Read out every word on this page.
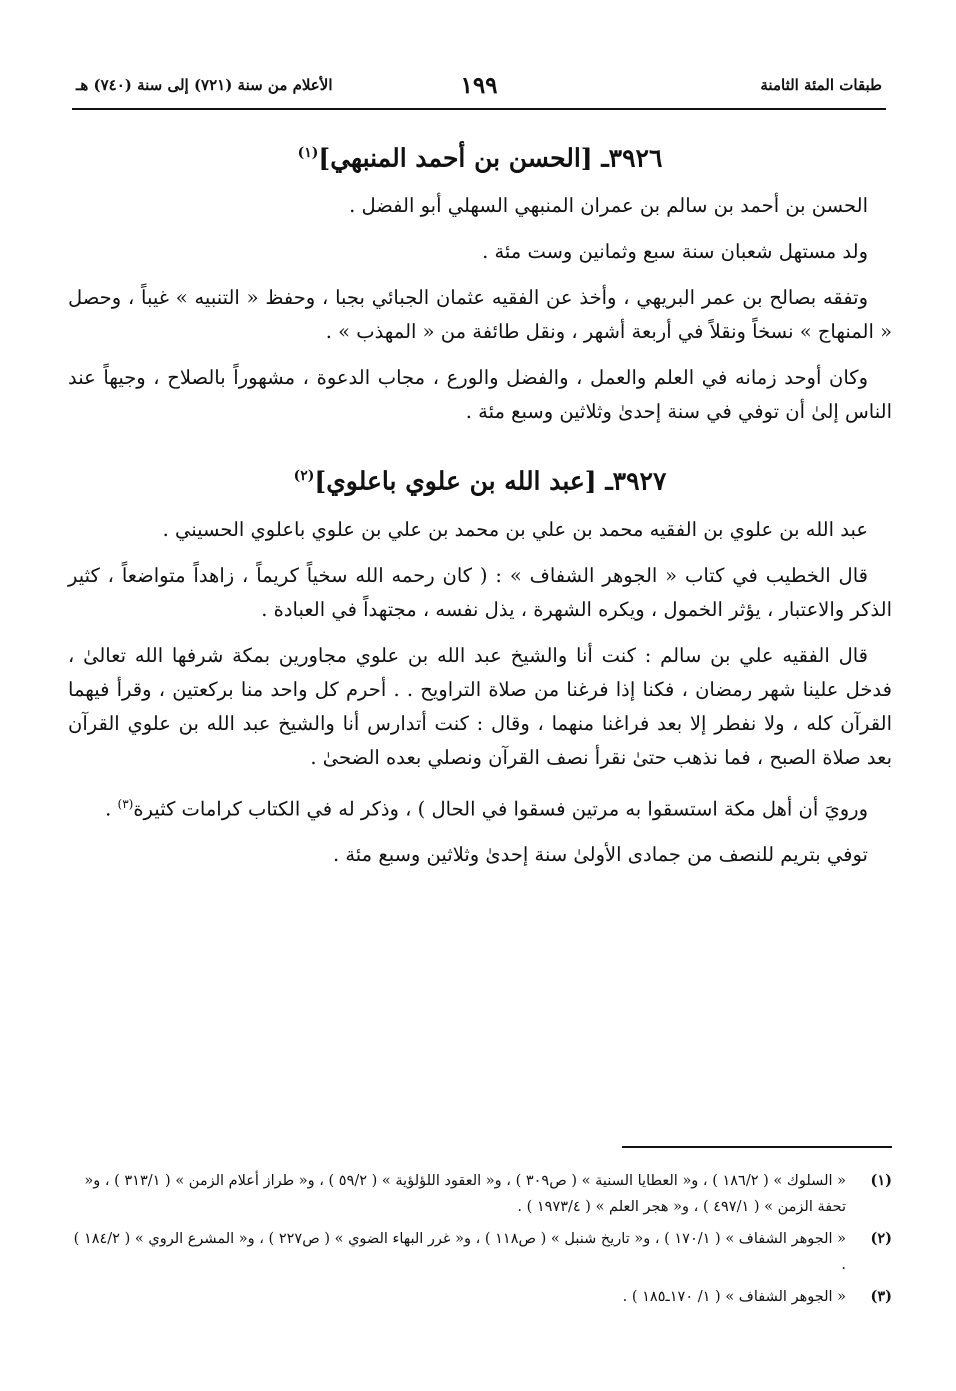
طبقات المئة الثامنة
١٩٩
الأعلام من سنة (٧٢١) إلى سنة (٧٤٠) هـ
٣٩٢٦ـ [الحسن بن أحمد المنبهي]$^{(١)}$

الحسن بن أحمد بن سالم بن عمران المنبهي السهلي أبو الفضل .

ولد مستهل شعبان سنة سبع وثمانين وست مئة .

وتفقه بصالح بن عمر البريهي ، وأخذ عن الفقيه عثمان الجبائي بجبا ، وحفظ « التنبيه » غيباً ، وحصل « المنهاج » نسخاً ونقلاً في أربعة أشهر ، ونقل طائفة من « المهذب » .

وكان أوحد زمانه في العلم والعمل ، والفضل والورع ، مجاب الدعوة ، مشهوراً بالصلاح ، وجيهاً عند الناس إلىٰ أن توفي في سنة إحدىٰ وثلاثين وسبع مئة .

٣٩٢٧ـ [عبد الله بن علوي باعلوي]$^{(٢)}$

عبد الله بن علوي بن الفقيه محمد بن علي بن محمد بن علي بن علوي باعلوي الحسيني .

قال الخطيب في كتاب « الجوهر الشفاف » : ( كان رحمه الله سخياً كريماً ، زاهداً متواضعاً ، كثير الذكر والاعتبار ، يؤثر الخمول ، ويكره الشهرة ، يذل نفسه ، مجتهداً في العبادة .

قال الفقيه علي بن سالم : كنت أنا والشيخ عبد الله بن علوي مجاورين بمكة شرفها الله تعالىٰ ، فدخل علينا شهر رمضان ، فكنا إذا فرغنا من صلاة التراويح . . أحرم كل واحد منا بركعتين ، وقرأ فيهما القرآن كله ، ولا نفطر إلا بعد فراغنا منهما ، وقال : كنت أتدارس أنا والشيخ عبد الله بن علوي القرآن بعد صلاة الصبح ، فما نذهب حتىٰ نقرأ نصف القرآن ونصلي بعده الضحىٰ .

ورويَ أن أهل مكة استسقوا به مرتين فسقوا في الحال ) ، وذكر له في الكتاب كرامات كثيرة$^{(٣)}$ .

توفي بتريم للنصف من جمادى الأولىٰ سنة إحدىٰ وثلاثين وسبع مئة .

(١)
« السلوك » ( ١٨٦/٢ ) ، و« العطايا السنية » ( ص٣٠٩ ) ، و« العقود اللؤلؤية » ( ٥٩/٢ ) ، و« طراز أعلام الزمن » ( ٣١٣/١ ) ، و« تحفة الزمن » ( ٤٩٧/١ ) ، و« هجر العلم » ( ١٩٧٣/٤ ) .
(٢)
« الجوهر الشفاف » ( ١٧٠/١ ) ، و« تاريخ شنبل » ( ص١١٨ ) ، و« غرر البهاء الضوي » ( ص٢٢٧ ) ، و« المشرع الروي » ( ١٨٤/٢ ) .
(٣)
« الجوهر الشفاف » ( ١/ ١٧٠ـ١٨٥ ) .
